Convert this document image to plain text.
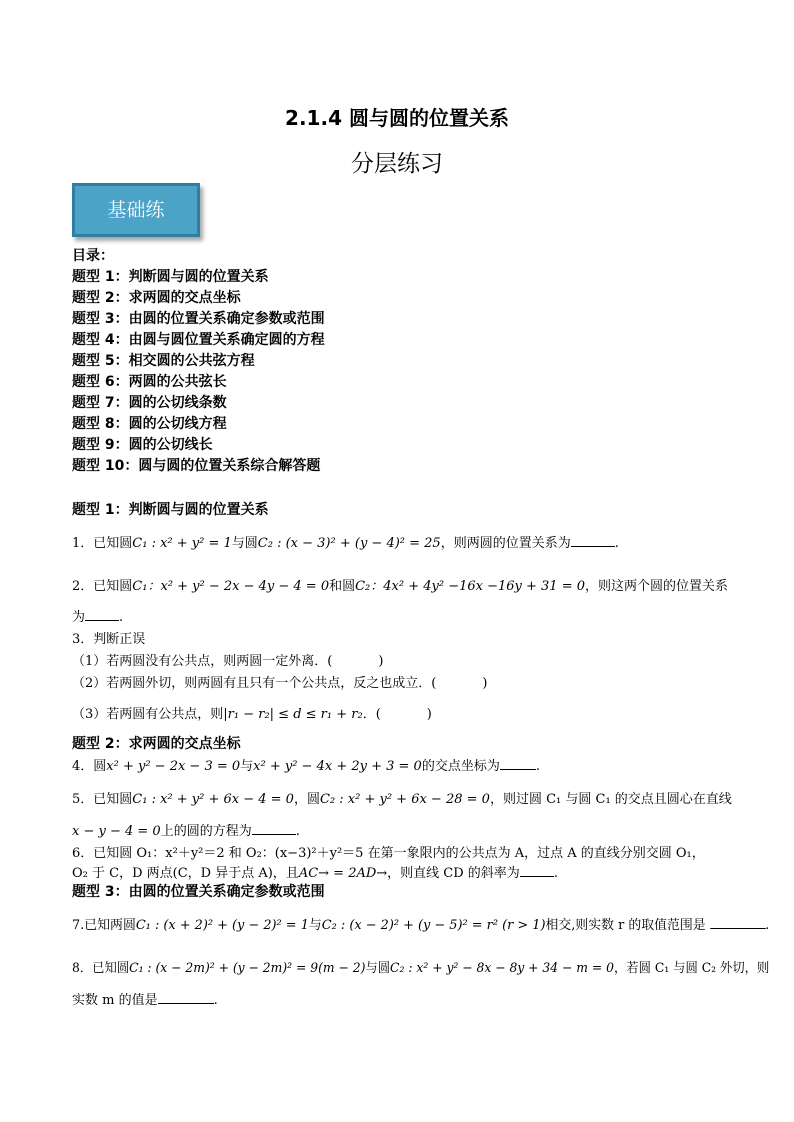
2.1.4 圆与圆的位置关系
分层练习
基础练
目录：
题型 1：判断圆与圆的位置关系
题型 2：求两圆的交点坐标
题型 3：由圆的位置关系确定参数或范围
题型 4：由圆与圆位置关系确定圆的方程
题型 5：相交圆的公共弦方程
题型 6：两圆的公共弦长
题型 7：圆的公切线条数
题型 8：圆的公切线方程
题型 9：圆的公切线长
题型 10：圆与圆的位置关系综合解答题
题型 1：判断圆与圆的位置关系
1．已知圆C₁ : x² + y² = 1与圆C₂ : (x − 3)² + (y − 4)² = 25，则两圆的位置关系为	.
2．已知圆C₁：x² + y² − 2x − 4y − 4 = 0和圆C₂：4x² + 4y² −16x −16y + 31 = 0，则这两个圆的位置关系
为	.
3．判断正误
（1）若两圆没有公共点，则两圆一定外离．(	)
（2）若两圆外切，则两圆有且只有一个公共点，反之也成立．(	)
（3）若两圆有公共点，则|r₁ − r₂| ≤ d ≤ r₁ + r₂．(	)
题型 2：求两圆的交点坐标
4．圆x² + y² − 2x − 3 = 0与x² + y² − 4x + 2y + 3 = 0的交点坐标为	.
5．已知圆C₁ : x² + y² + 6x − 4 = 0，圆C₂ : x² + y² + 6x − 28 = 0，则过圆 C₁ 与圆 C₁ 的交点且圆心在直线
x − y − 4 = 0上的圆的方程为	.
6．已知圆 O₁：x²＋y²＝2 和 O₂：(x−3)²＋y²＝5 在第一象限内的公共点为 A，过点 A 的直线分别交圆 O₁，
O₂ 于 C，D 两点(C，D 异于点 A)，且AC→ = 2AD→，则直线 CD 的斜率为	.
题型 3：由圆的位置关系确定参数或范围
7.已知两圆C₁ : (x + 2)² + (y − 2)² = 1与C₂ : (x − 2)² + (y − 5)² = r² (r > 1)相交,则实数 r 的取值范围是	.
8．已知圆C₁ : (x − 2m)² + (y − 2m)² = 9(m − 2)与圆C₂ : x² + y² − 8x − 8y + 34 − m = 0，若圆 C₁ 与圆 C₂ 外切，则
实数 m 的值是	.
